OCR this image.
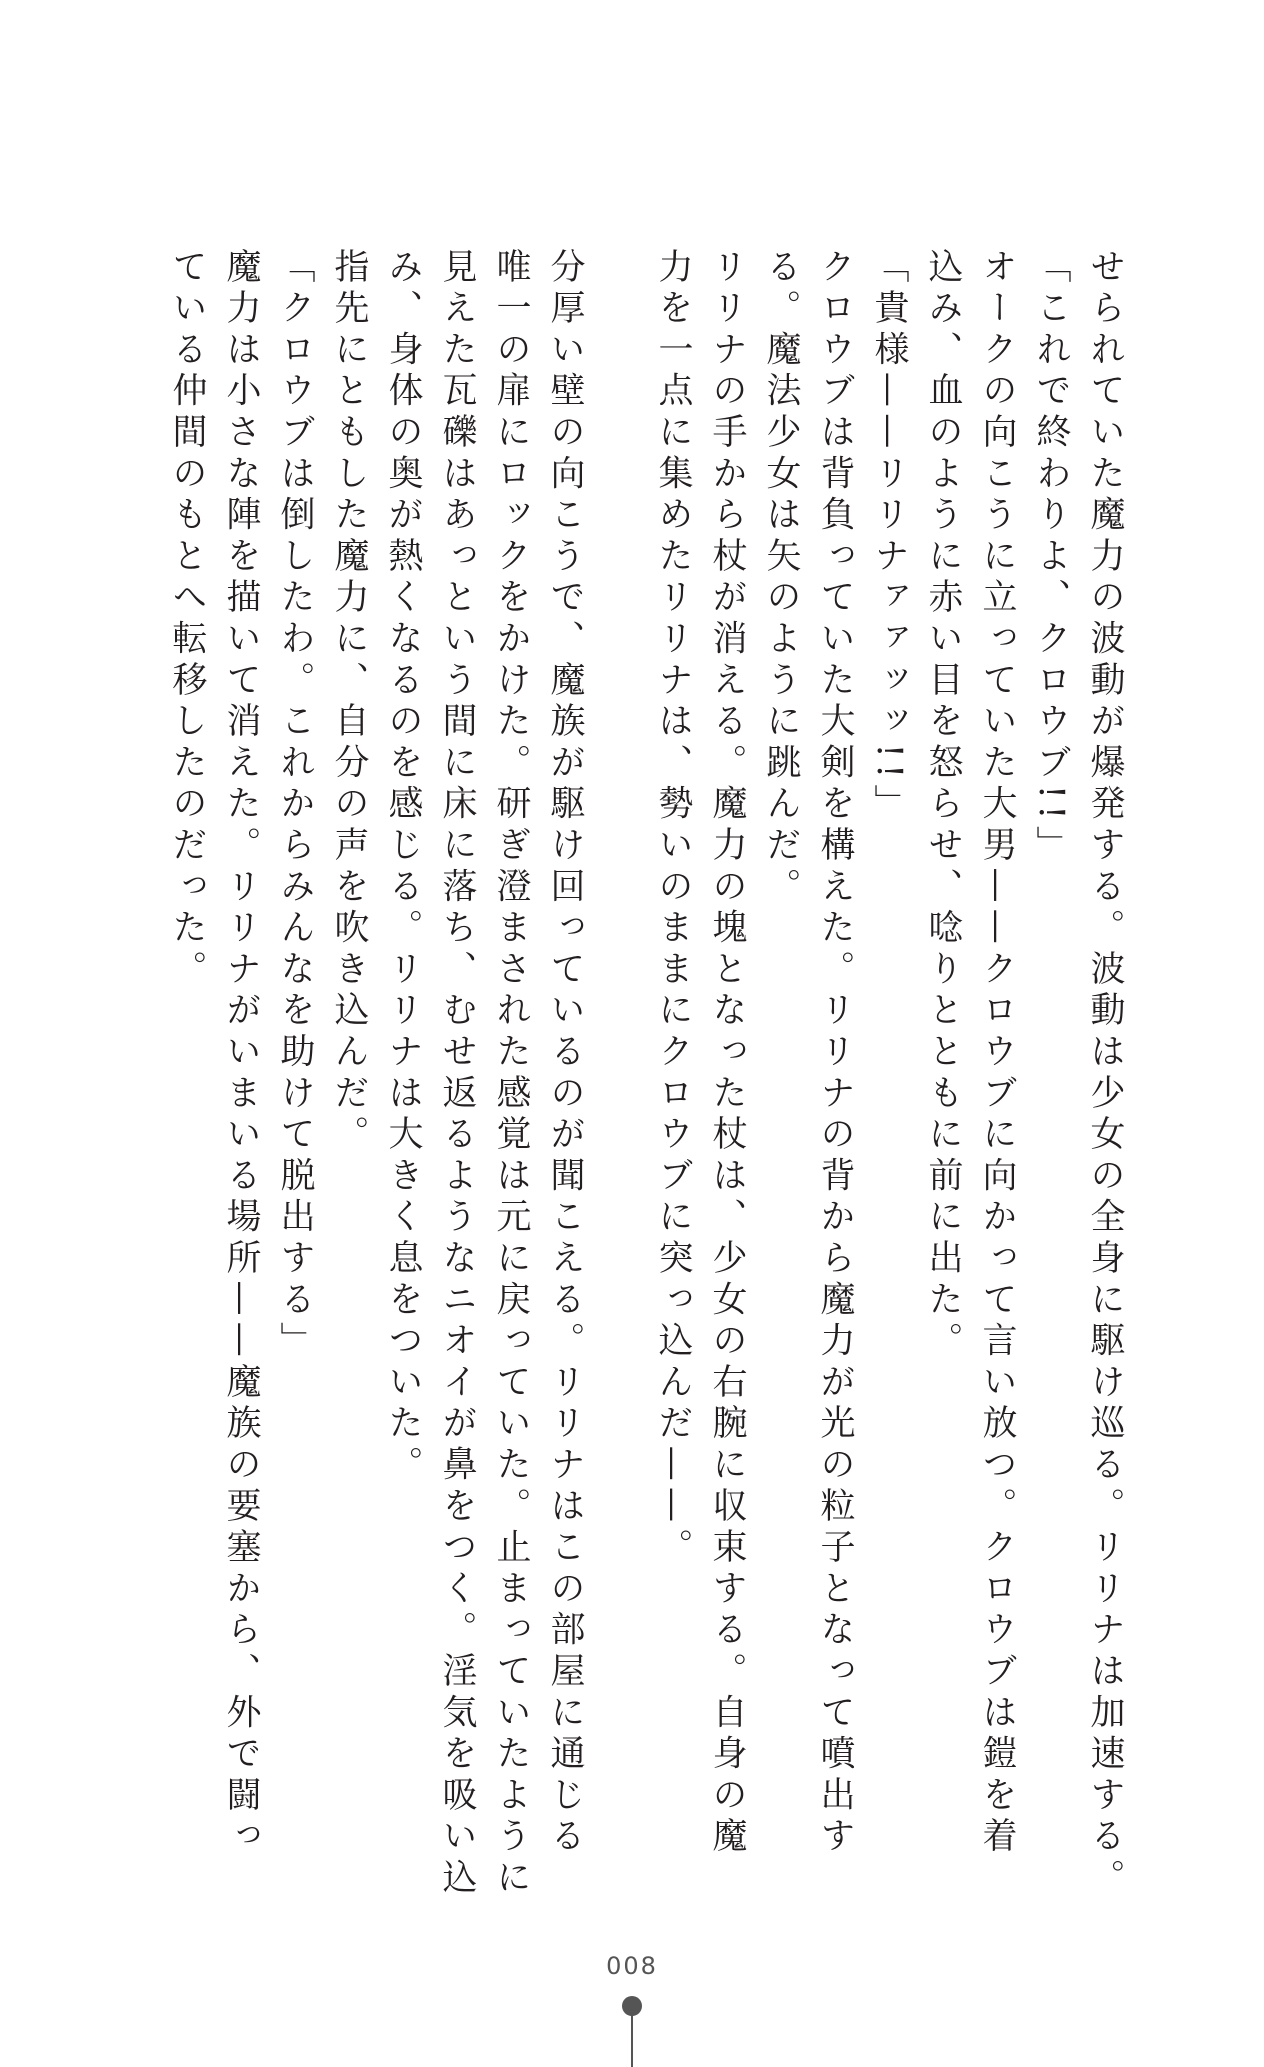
せられていた魔力の波動が爆発する。波動は少女の全身に駆け巡る。リリナは加速する。

「これで終わりよ、クロウブ!!」

オークの向こうに立っていた大男——クロウブに向かって言い放つ。クロウブは鎧を着

込み、血のように赤い目を怒らせ、唸りとともに前に出た。

「貴様——リリナァァッッ!!」

クロウブは背負っていた大剣を構えた。リリナの背から魔力が光の粒子となって噴出す

る。魔法少女は矢のように跳んだ。

リリナの手から杖が消える。魔力の塊となった杖は、少女の右腕に収束する。自身の魔

力を一点に集めたリリナは、勢いのままにクロウブに突っ込んだ——。

分厚い壁の向こうで、魔族が駆け回っているのが聞こえる。リリナはこの部屋に通じる

唯一の扉にロックをかけた。研ぎ澄まされた感覚は元に戻っていた。止まっていたように

見えた瓦礫はあっという間に床に落ち、むせ返るようなニオイが鼻をつく。淫気を吸い込

み、身体の奥が熱くなるのを感じる。リリナは大きく息をついた。

指先にともした魔力に、自分の声を吹き込んだ。

「クロウブは倒したわ。これからみんなを助けて脱出する」

魔力は小さな陣を描いて消えた。リリナがいまいる場所——魔族の要塞から、外で闘っ

ている仲間のもとへ転移したのだった。

008
